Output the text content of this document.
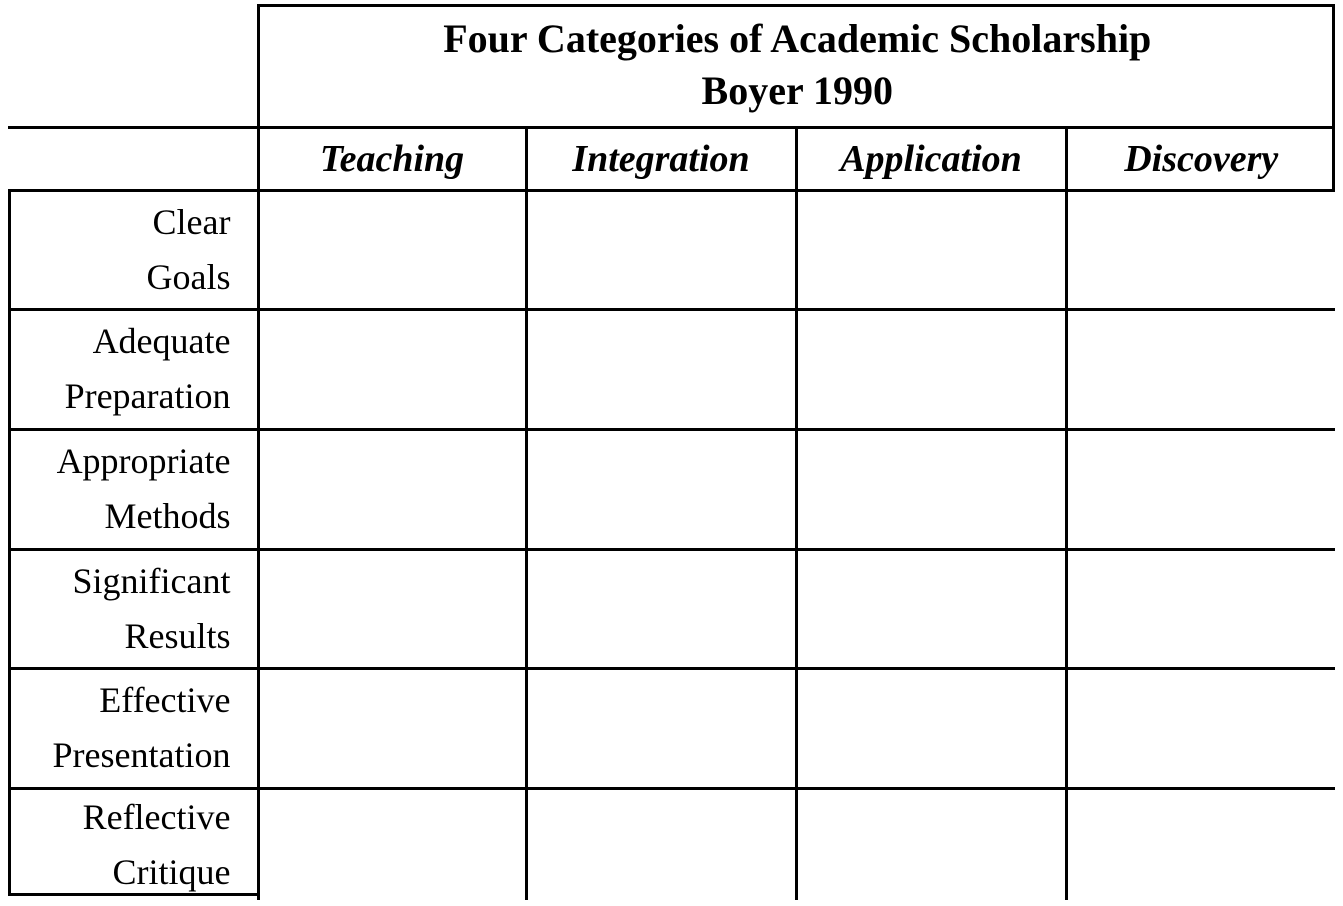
	Four Categories of Academic Scholarship
Boyer 1990			

	Teaching	Integration	Application	Discovery

Clear
Goals				

Adequate
Preparation				

Appropriate
Methods				

Significant
Results				

Effective
Presentation				

Reflective
Critique				
